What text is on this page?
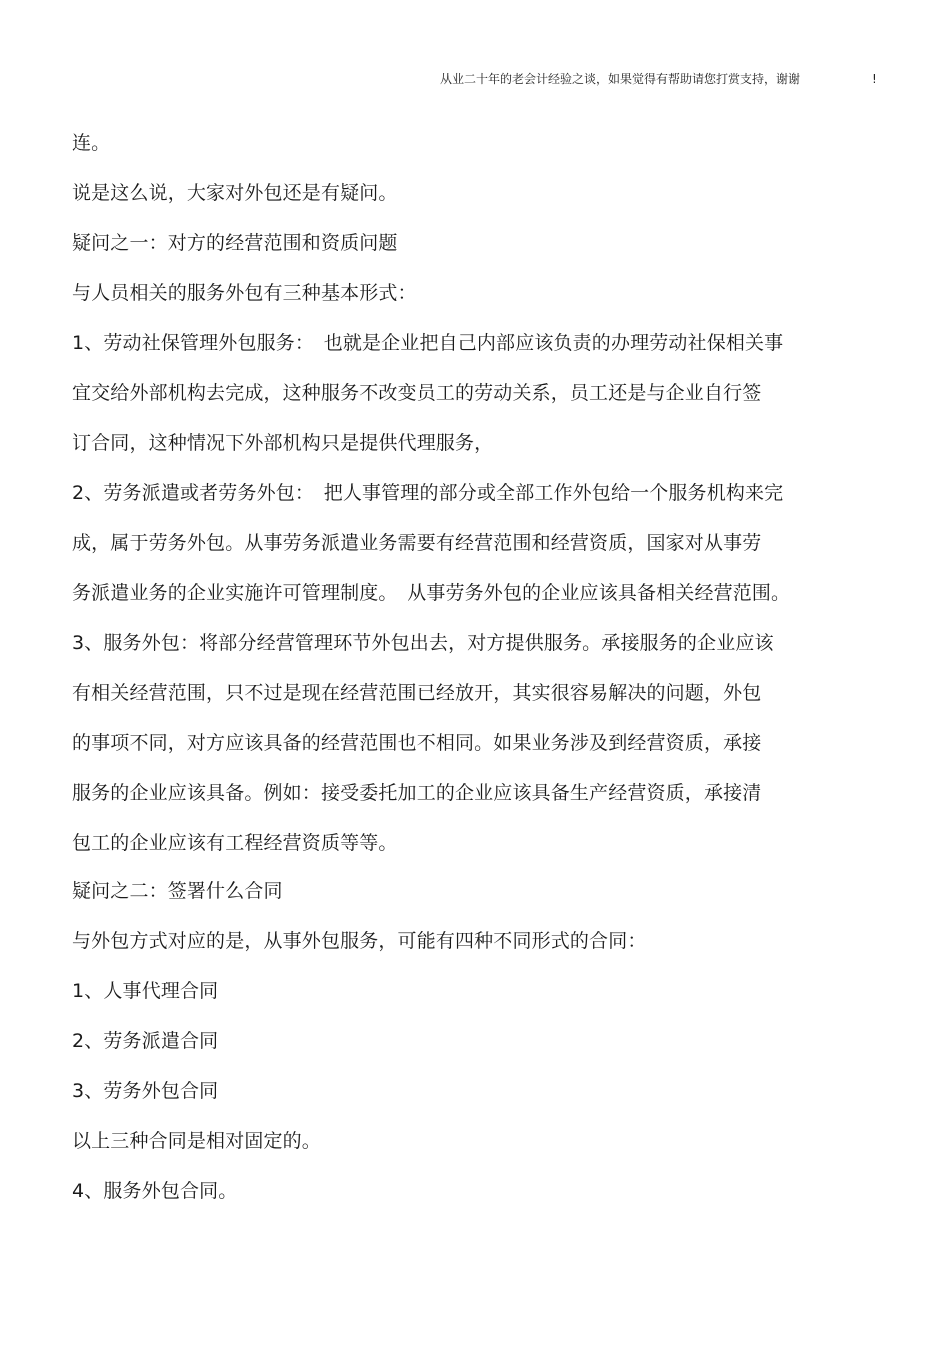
从业二十年的老会计经验之谈，如果觉得有帮助请您打赏支持，谢谢	!
连。
说是这么说，大家对外包还是有疑问。
疑问之一：对方的经营范围和资质问题
与人员相关的服务外包有三种基本形式：
1、劳动社保管理外包服务：　也就是企业把自己内部应该负责的办理劳动社保相关事
宜交给外部机构去完成，这种服务不改变员工的劳动关系，员工还是与企业自行签
订合同，这种情况下外部机构只是提供代理服务，
2、劳务派遣或者劳务外包：　把人事管理的部分或全部工作外包给一个服务机构来完
成，属于劳务外包。从事劳务派遣业务需要有经营范围和经营资质，国家对从事劳
务派遣业务的企业实施许可管理制度。　从事劳务外包的企业应该具备相关经营范围。
3、服务外包：将部分经营管理环节外包出去，对方提供服务。承接服务的企业应该
有相关经营范围，只不过是现在经营范围已经放开，其实很容易解决的问题，外包
的事项不同，对方应该具备的经营范围也不相同。如果业务涉及到经营资质，承接
服务的企业应该具备。例如：接受委托加工的企业应该具备生产经营资质，承接清
包工的企业应该有工程经营资质等等。
疑问之二：签署什么合同
与外包方式对应的是，从事外包服务，可能有四种不同形式的合同：
1、人事代理合同
2、劳务派遣合同
3、劳务外包合同
以上三种合同是相对固定的。
4、服务外包合同。
